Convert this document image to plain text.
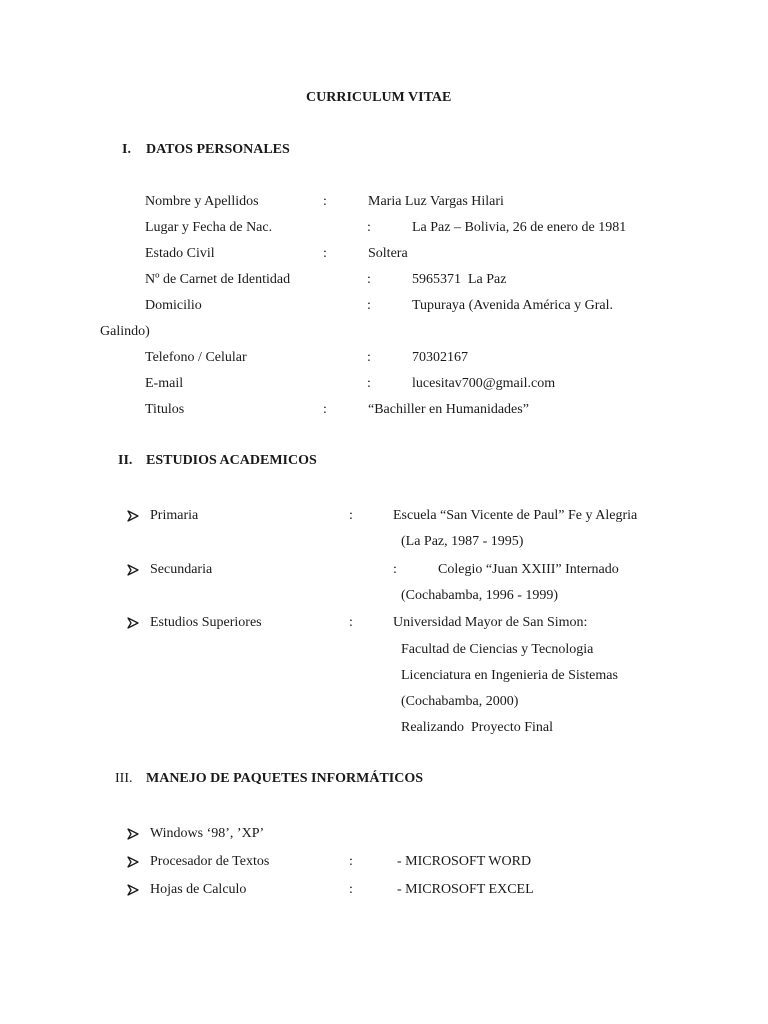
CURRICULUM VITAE
I. DATOS PERSONALES
Nombre y Apellidos	:	Maria Luz Vargas Hilari
Lugar y Fecha de Nac.	:	La Paz – Bolivia, 26 de enero de 1981
Estado Civil	:	Soltera
Nº de Carnet de Identidad	:	5965371  La Paz
Domicilio	:	Tupuraya (Avenida América y Gral.
Galindo)
Telefono / Celular	:	70302167
E-mail	:	lucesitav700@gmail.com
Titulos	:	“Bachiller en Humanidades”
II. ESTUDIOS ACADEMICOS
Primaria	:	Escuela “San Vicente de Paul” Fe y Alegria
(La Paz, 1987 - 1995)
Secundaria	:	Colegio “Juan XXIII” Internado
(Cochabamba, 1996 - 1999)
Estudios Superiores	:	Universidad Mayor de San Simon:
Facultad de Ciencias y Tecnologia
Licenciatura en Ingenieria de Sistemas
(Cochabamba, 2000)
Realizando  Proyecto Final
III. MANEJO DE PAQUETES INFORMÁTICOS
Windows ‘98’, ’XP’
Procesador de Textos	:	- MICROSOFT WORD
Hojas de Calculo	:	- MICROSOFT EXCEL
